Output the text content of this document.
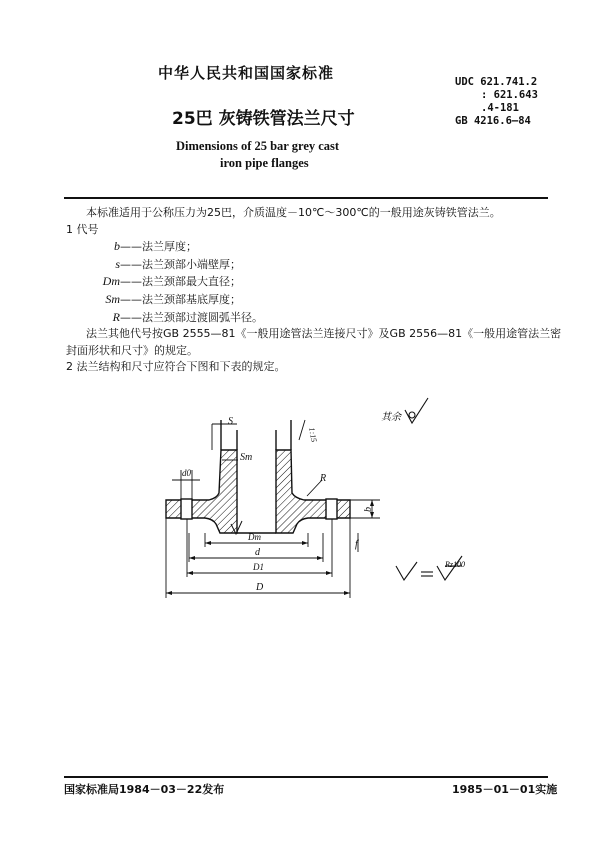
中华人民共和国国家标准	UDC 621.741.2
: 621.643
.4-181
GB 4216.6—84
25巴 灰铸铁管法兰尺寸
Dimensions of 25 bar grey cast
iron pipe flanges

本标准适用于公称压力为25巴，介质温度－10℃～300℃的一般用途灰铸铁管法兰。

1 代号

b——法兰厚度；

s——法兰颈部小端壁厚；

Dm——法兰颈部最大直径；

Sm——法兰颈部基底厚度；

R——法兰颈部过渡圆弧半径。

法兰其他代号按GB 2555—81《一般用途管法兰连接尺寸》及GB 2556—81《一般用途管法兰密

封面形状和尺寸》的规定。

2 法兰结构和尺寸应符合下图和下表的规定。

S
Sm
1:15
R
d0
b
f
Dm
d
D1
D
其余
Rz100
国家标准局1984－03－22发布	1985－01－01实施
